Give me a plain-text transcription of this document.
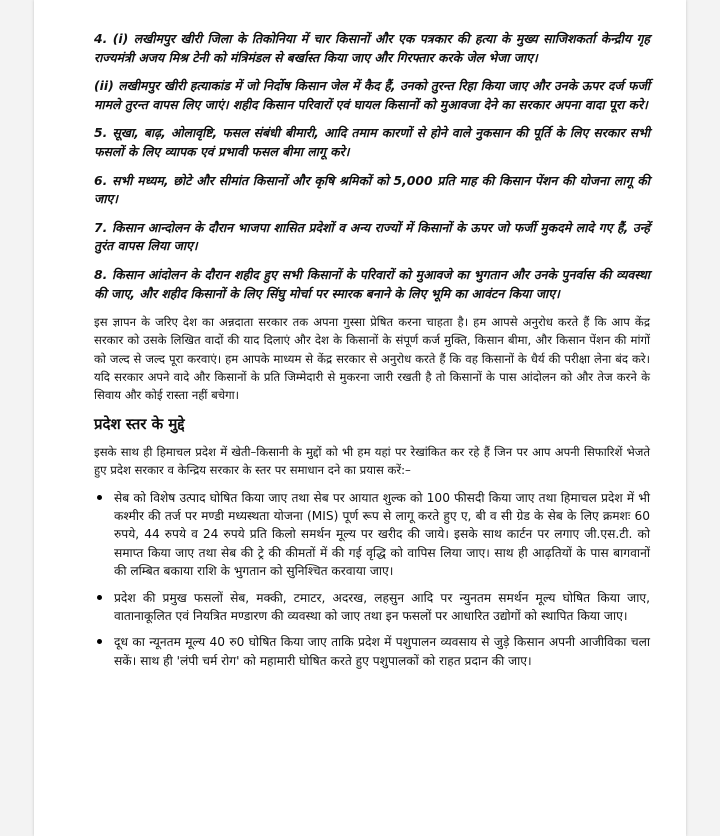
4. (i) लखीमपुर खीरी जिला के तिकोनिया में चार किसानों और एक पत्रकार की हत्या के मुख्य साजिशकर्ता केन्द्रीय गृह राज्यमंत्री अजय मिश्र टेनी को मंत्रिमंडल से बर्खास्त किया जाए और गिरफ्तार करके जेल भेजा जाए।

(ii) लखीमपुर खीरी हत्याकांड में जो निर्दोष किसान जेल में कैद हैं, उनको तुरन्त रिहा किया जाए और उनके ऊपर दर्ज फर्जी मामले तुरन्त वापस लिए जाएं। शहीद किसान परिवारों एवं घायल किसानों को मुआवजा देने का सरकार अपना वादा पूरा करे।

5. सूखा, बाढ़, ओलावृष्टि, फसल संबंधी बीमारी, आदि तमाम कारणों से होने वाले नुकसान की पूर्ति के लिए सरकार सभी फसलों के लिए व्यापक एवं प्रभावी फसल बीमा लागू करे।

6. सभी मध्यम, छोटे और सीमांत किसानों और कृषि श्रमिकों को 5,000 प्रति माह की किसान पेंशन की योजना लागू की जाए।

7. किसान आन्दोलन के दौरान भाजपा शासित प्रदेशों व अन्य राज्यों में किसानों के ऊपर जो फर्जी मुकदमे लादे गए हैं, उन्हें तुरंत वापस लिया जाए।

8. किसान आंदोलन के दौरान शहीद हुए सभी किसानों के परिवारों को मुआवजे का भुगतान और उनके पुनर्वास की व्यवस्था की जाए, और शहीद किसानों के लिए सिंघु मोर्चा पर स्मारक बनाने के लिए भूमि का आवंटन किया जाए।

इस ज्ञापन के जरिए देश का अन्नदाता सरकार तक अपना गुस्सा प्रेषित करना चाहता है। हम आपसे अनुरोध करते हैं कि आप केंद्र सरकार को उसके लिखित वादों की याद दिलाएं और देश के किसानों के संपूर्ण कर्ज मुक्ति, किसान बीमा, और किसान पेंशन की मांगों को जल्द से जल्द पूरा करवाएं। हम आपके माध्यम से केंद्र सरकार से अनुरोध करते हैं कि वह किसानों के धैर्य की परीक्षा लेना बंद करे। यदि सरकार अपने वादे और किसानों के प्रति जिम्मेदारी से मुकरना जारी रखती है तो किसानों के पास आंदोलन को और तेज करने के सिवाय और कोई रास्ता नहीं बचेगा।

प्रदेश स्तर के मुद्दे

इसके साथ ही हिमाचल प्रदेश में खेती–किसानी के मुद्दों को भी हम यहां पर रेखांकित कर रहे हैं जिन पर आप अपनी सिफारिशें भेजते हुए प्रदेश सरकार व केन्द्रिय सरकार के स्तर पर समाधान दने का प्रयास करें:–

सेब को विशेष उत्पाद घोषित किया जाए तथा सेब पर आयात शुल्क को 100 फीसदी किया जाए तथा हिमाचल प्रदेश में भी कश्मीर की तर्ज पर मण्डी मध्यस्थता योजना (MIS) पूर्ण रूप से लागू करते हुए ए, बी व सी ग्रेड के सेब के लिए क्रमशः 60 रुपये, 44 रुपये व 24 रुपये प्रति किलो समर्थन मूल्य पर खरीद की जाये। इसके साथ कार्टन पर लगाए जी.एस.टी. को समाप्त किया जाए तथा सेब की ट्रे की कीमतों में की गई वृद्धि को वापिस लिया जाए। साथ ही आढ़तियों के पास बागवानों की लम्बित बकाया राशि के भुगतान को सुनिश्चित करवाया जाए।
प्रदेश की प्रमुख फसलों सेब, मक्की, टमाटर, अदरख, लहसुन आदि पर न्युनतम समर्थन मूल्य घोषित किया जाए, वातानाकूलित एवं नियत्रित मण्डारण की व्यवस्था को जाए तथा इन फसलों पर आधारित उद्योगों को स्थापित किया जाए।
दूध का न्यूनतम मूल्य 40 रु0 घोषित किया जाए ताकि प्रदेश में पशुपालन व्यवसाय से जुड़े किसान अपनी आजीविका चला सकें। साथ ही 'लंपी चर्म रोग' को महामारी घोषित करते हुए पशुपालकों को राहत प्रदान की जाए।
